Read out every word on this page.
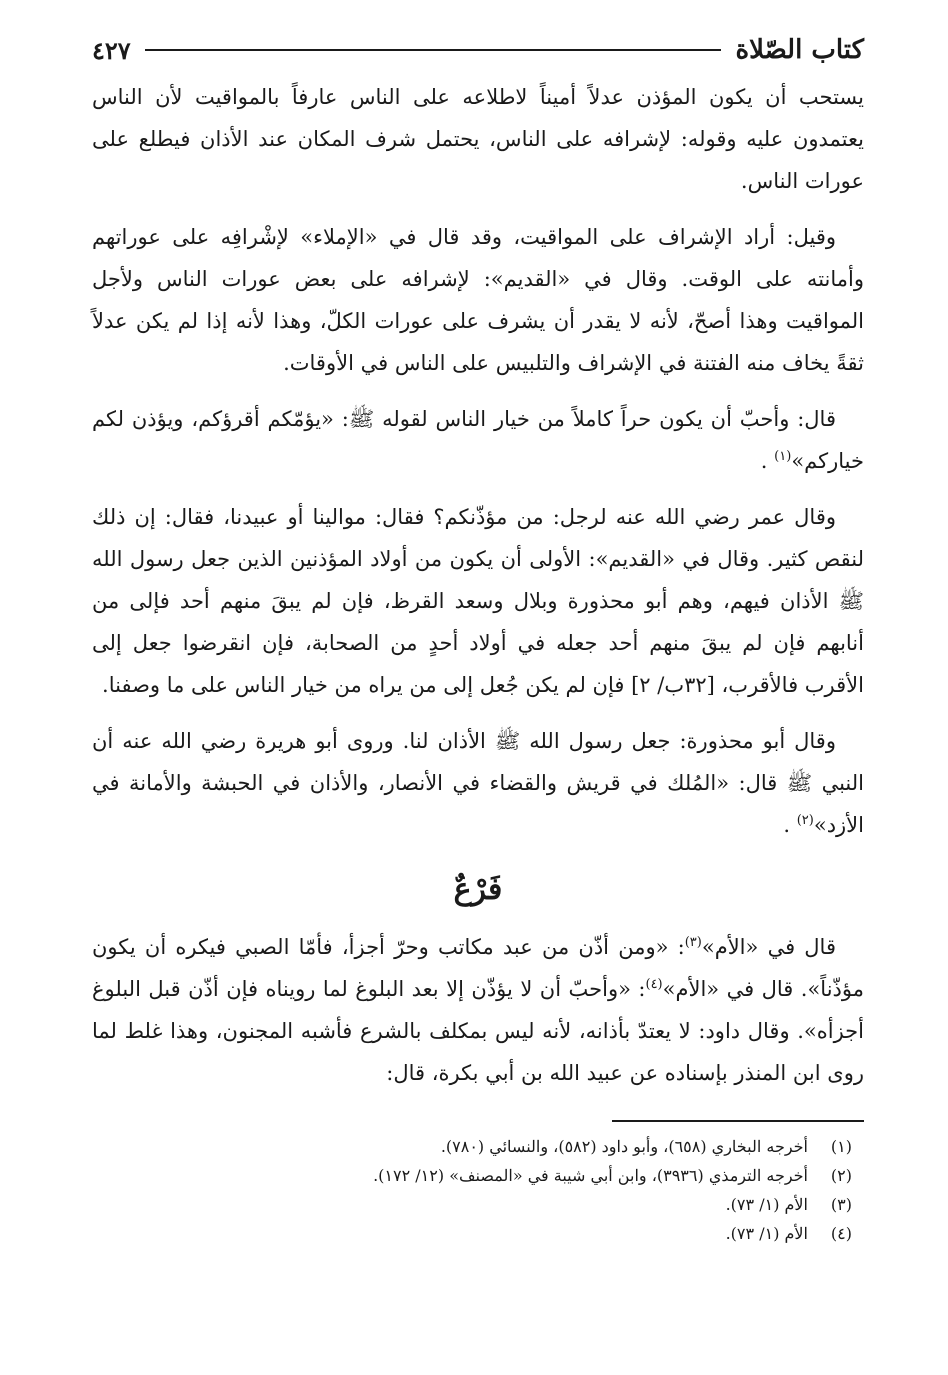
كتاب الصّلاة
٤٢٧

يستحب أن يكون المؤذن عدلاً أميناً لاطلاعه على الناس عارفاً بالمواقيت لأن الناس يعتمدون عليه وقوله: لإشرافه على الناس، يحتمل شرف المكان عند الأذان فيطلع على عورات الناس.

وقيل: أراد الإشراف على المواقيت، وقد قال في «الإملاء» لإشْرافِه على عوراتهم وأمانته على الوقت. وقال في «القديم»: لإشرافه على بعض عورات الناس ولأجل المواقيت وهذا أصحّ، لأنه لا يقدر أن يشرف على عورات الكلّ، وهذا لأنه إذا لم يكن عدلاً ثقةً يخاف منه الفتنة في الإشراف والتلبيس على الناس في الأوقات.

قال: وأحبّ أن يكون حراً كاملاً من خيار الناس لقوله ﷺ: «يؤمّكم أقرؤكم، ويؤذن لكم خياركم»$^{(١)}$ .

وقال عمر رضي الله عنه لرجل: من مؤذّنكم؟ فقال: موالينا أو عبيدنا، فقال: إن ذلك لنقص كثير. وقال في «القديم»: الأولى أن يكون من أولاد المؤذنين الذين جعل رسول الله ﷺ الأذان فيهم، وهم أبو محذورة وبلال وسعد القرظ، فإن لم يبقَ منهم أحد فإلى من أنابهم فإن لم يبقَ منهم أحد جعله في أولاد أحدٍ من الصحابة، فإن انقرضوا جعل إلى الأقرب فالأقرب، [٣٢ب/ ٢] فإن لم يكن جُعل إلى من يراه من خيار الناس على ما وصفنا.

وقال أبو محذورة: جعل رسول الله ﷺ الأذان لنا. وروى أبو هريرة رضي الله عنه أن النبي ﷺ قال: «المُلك في قريش والقضاء في الأنصار، والأذان في الحبشة والأمانة في الأزد»$^{(٢)}$ .

فَرْعٌ

قال في «الأم»$^{(٣)}$: «ومن أذّن من عبد مكاتب وحرّ أجزأ، فأمّا الصبي فيكره أن يكون مؤذّناً». قال في «الأم»$^{(٤)}$: «وأحبّ أن لا يؤذّن إلا بعد البلوغ لما رويناه فإن أذّن قبل البلوغ أجزأه». وقال داود: لا يعتدّ بأذانه، لأنه ليس بمكلف بالشرع فأشبه المجنون، وهذا غلط لما روى ابن المنذر بإسناده عن عبيد الله بن أبي بكرة، قال:

(١)
أخرجه البخاري (٦٥٨)، وأبو داود (٥٨٢)، والنسائي (٧٨٠).
(٢)
أخرجه الترمذي (٣٩٣٦)، وابن أبي شيبة في «المصنف» (١٢/ ١٧٢).
(٣)
الأم (١/ ٧٣).
(٤)
الأم (١/ ٧٣).
